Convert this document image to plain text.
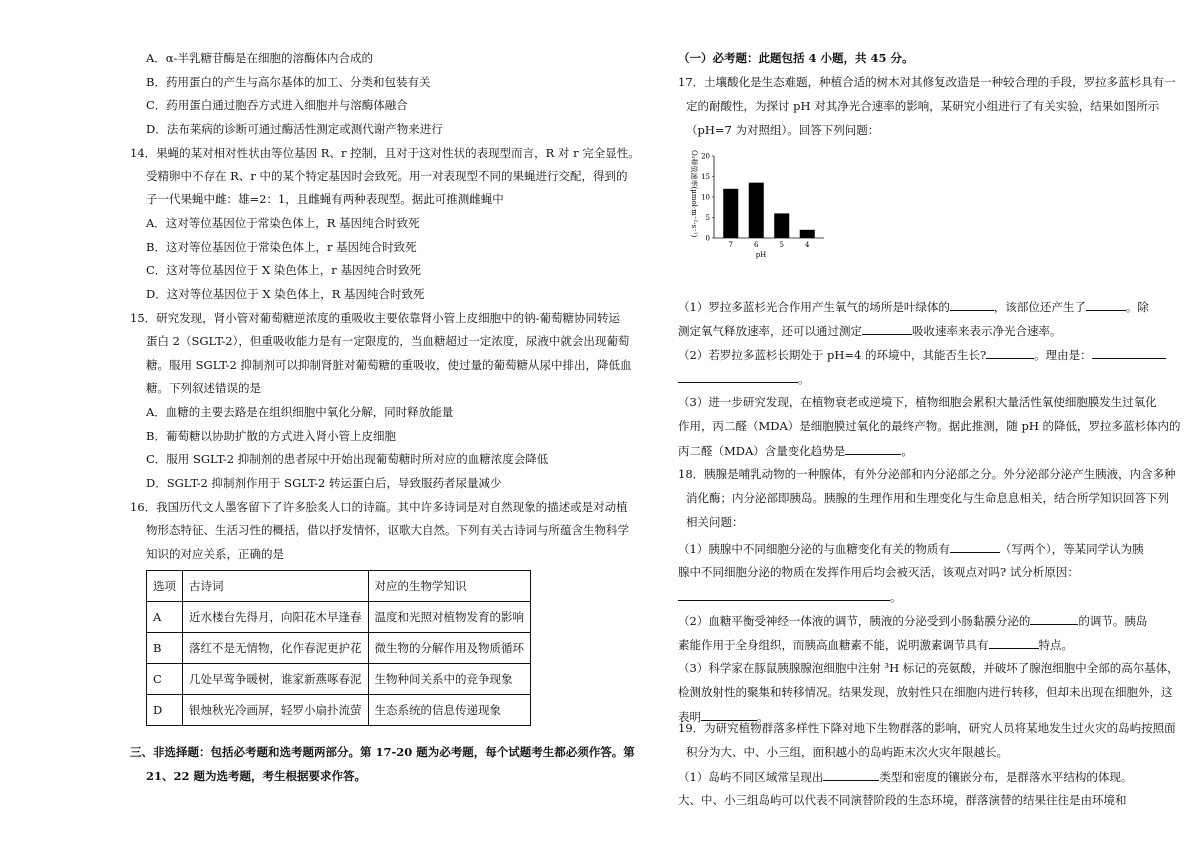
A．α-半乳糖苷酶是在细胞的溶酶体内合成的
B．药用蛋白的产生与高尔基体的加工、分类和包装有关
C．药用蛋白通过胞吞方式进入细胞并与溶酶体融合
D．法布莱病的诊断可通过酶活性测定或测代谢产物来进行
14．果蝇的某对相对性状由等位基因 R、r 控制，且对于这对性状的表现型而言，R 对 r 完全显性。
受精卵中不存在 R、r 中的某个特定基因时会致死。用一对表现型不同的果蝇进行交配，得到的
子一代果蝇中雌：雄=2：1，且雌蝇有两种表现型。据此可推测雌蝇中
A．这对等位基因位于常染色体上，R 基因纯合时致死
B．这对等位基因位于常染色体上，r 基因纯合时致死
C．这对等位基因位于 X 染色体上，r 基因纯合时致死
D．这对等位基因位于 X 染色体上，R 基因纯合时致死
15．研究发现，肾小管对葡萄糖逆浓度的重吸收主要依靠肾小管上皮细胞中的钠-葡萄糖协同转运
蛋白 2（SGLT-2），但重吸收能力是有一定限度的，当血糖超过一定浓度，尿液中就会出现葡萄
糖。服用 SGLT-2 抑制剂可以抑制肾脏对葡萄糖的重吸收，使过量的葡萄糖从尿中排出，降低血
糖。下列叙述错误的是
A．血糖的主要去路是在组织细胞中氧化分解，同时释放能量
B．葡萄糖以协助扩散的方式进入肾小管上皮细胞
C．服用 SGLT-2 抑制剂的患者尿中开始出现葡萄糖时所对应的血糖浓度会降低
D．SGLT-2 抑制剂作用于 SGLT-2 转运蛋白后，导致服药者尿量减少
16．我国历代文人墨客留下了许多脍炙人口的诗篇。其中许多诗词是对自然现象的描述或是对动植
物形态特征、生活习性的概括，借以抒发情怀，讴歌大自然。下列有关古诗词与所蕴含生物科学
知识的对应关系，正确的是
选项	古诗词	对应的生物学知识
A	近水楼台先得月，向阳花木早逢春	温度和光照对植物发育的影响
B	落红不是无情物，化作春泥更护花	微生物的分解作用及物质循环
C	几处早莺争暖树，谁家新燕啄春泥	生物种间关系中的竞争现象
D	银烛秋光冷画屏，轻罗小扇扑流萤	生态系统的信息传递现象
三、非选择题：包括必考题和选考题两部分。第 17-20 题为必考题，每个试题考生都必须作答。第
21、22 题为选考题，考生根据要求作答。
（一）必考题：此题包括 4 小题，共 45 分。
17．土壤酸化是生态难题，种植合适的树木对其修复改造是一种较合理的手段，罗拉多蓝杉具有一
定的耐酸性，为探讨 pH 对其净光合速率的影响，某研究小组进行了有关实验，结果如图所示
（pH=7 为对照组）。回答下列问题：
O₂释放速率(μmol·m⁻²·s⁻¹)
0
5
10
15
20
7	6	5	4
pH
（1）罗拉多蓝杉光合作用产生氧气的场所是叶绿体的	，该部位还产生了	。除
测定氧气释放速率，还可以通过测定	吸收速率来表示净光合速率。
（2）若罗拉多蓝杉长期处于 pH=4 的环境中，其能否生长?	。理由是：
。
（3）进一步研究发现，在植物衰老或逆境下，植物细胞会累积大量活性氧使细胞膜发生过氧化
作用，丙二醛（MDA）是细胞膜过氧化的最终产物。据此推测，随 pH 的降低，罗拉多蓝杉体内的
丙二醛（MDA）含量变化趋势是	。
18．胰腺是哺乳动物的一种腺体，有外分泌部和内分泌部之分。外分泌部分泌产生胰液，内含多种
消化酶；内分泌部即胰岛。胰腺的生理作用和生理变化与生命息息相关，结合所学知识回答下列
相关问题：
（1）胰腺中不同细胞分泌的与血糖变化有关的物质有	（写两个），等某同学认为胰
腺中不同细胞分泌的物质在发挥作用后均会被灭活，该观点对吗? 试分析原因：
。
（2）血糖平衡受神经一体液的调节，胰液的分泌受到小肠黏膜分泌的	的调节。胰岛
素能作用于全身组织，而胰高血糖素不能，说明激素调节具有	特点。
（3）科学家在豚鼠胰腺腺泡细胞中注射 ³H 标记的亮氨酸，并破坏了腺泡细胞中全部的高尔基体，
检测放射性的聚集和转移情况。结果发现，放射性只在细胞内进行转移，但却未出现在细胞外，这
表明	。
19．为研究植物群落多样性下降对地下生物群落的影响，研究人员将某地发生过火灾的岛屿按照面
积分为大、中、小三组，面积越小的岛屿距末次火灾年限越长。
（1）岛屿不同区域常呈现出	类型和密度的镶嵌分布，是群落水平结构的体现。
大、中、小三组岛屿可以代表不同演替阶段的生态环境，群落演替的结果往往是由环境和
